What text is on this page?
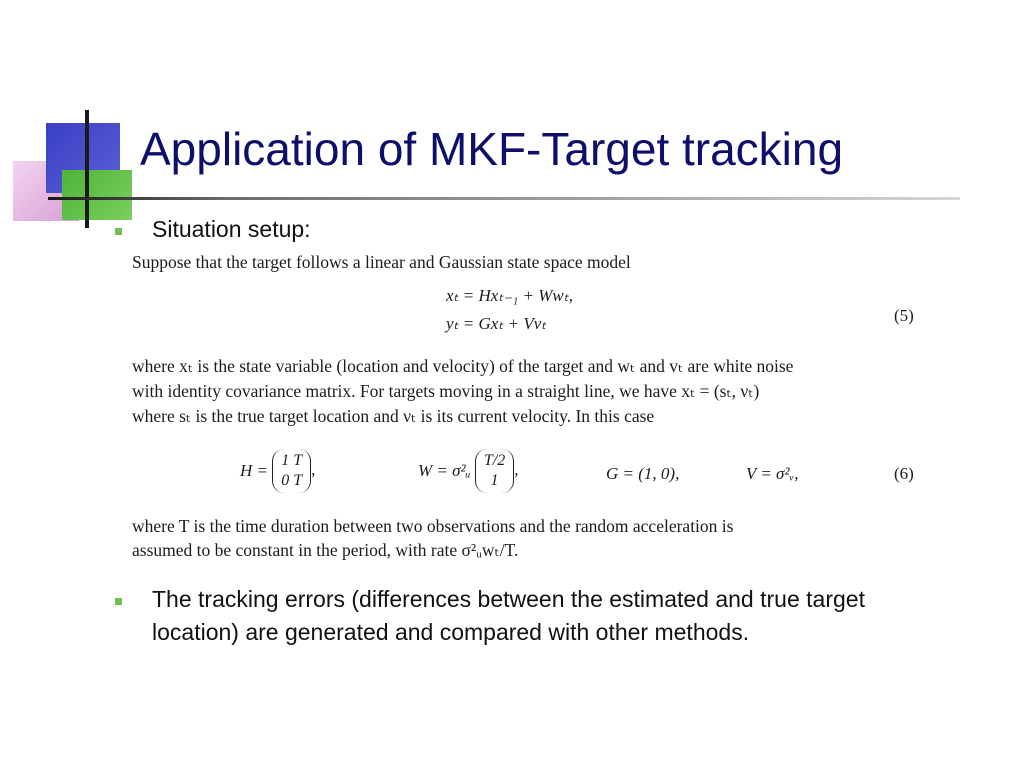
Application of MKF-Target tracking
Situation setup:
Suppose that the target follows a linear and Gaussian state space model
xₜ = Hxₜ₋₁ + Wwₜ,
yₜ = Gxₜ + Vvₜ	(5)
where xₜ is the state variable (location and velocity) of the target and wₜ and vₜ are white noise
with identity covariance matrix. For targets moving in a straight line, we have xₜ = (sₜ, νₜ)
where sₜ is the true target location and νₜ is its current velocity. In this case
H =
1 T
0 T
,	W = σ²ᵤ
T/2
1
,	G = (1, 0),	V = σ²ᵥ,	(6)
where T is the time duration between two observations and the random acceleration is
assumed to be constant in the period, with rate σ²ᵤwₜ/T.
The tracking errors (differences between the estimated and true target location) are generated and compared with other methods.
